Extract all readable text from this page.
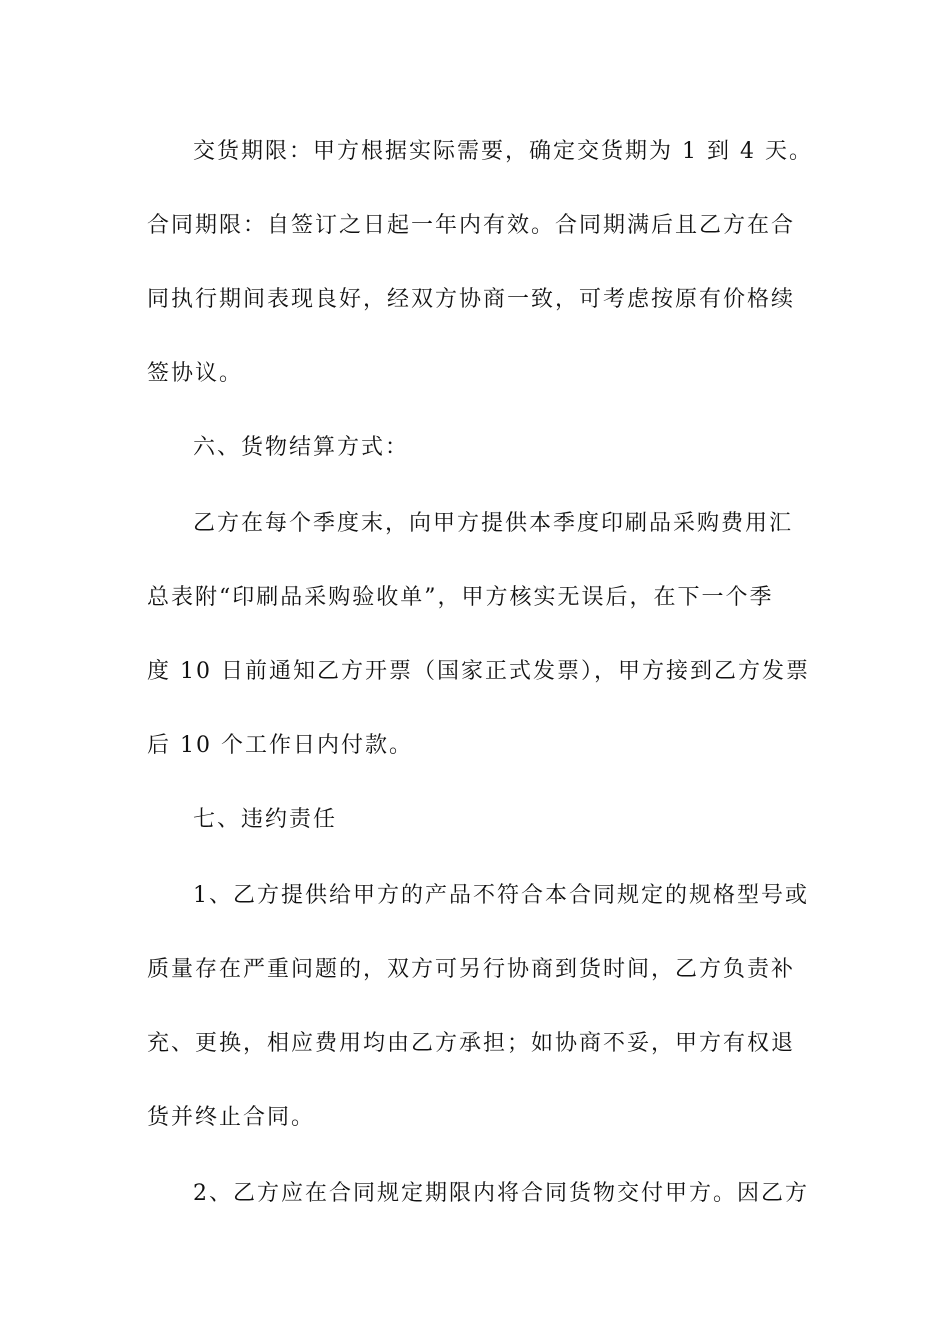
交货期限：甲方根据实际需要，确定交货期为 1 到 4 天。
合同期限：自签订之日起一年内有效。合同期满后且乙方在合
同执行期间表现良好，经双方协商一致，可考虑按原有价格续
签协议。
六、货物结算方式：
乙方在每个季度末，向甲方提供本季度印刷品采购费用汇
总表附“印刷品采购验收单”，甲方核实无误后，在下一个季
度 10 日前通知乙方开票（国家正式发票），甲方接到乙方发票
后 10 个工作日内付款。
七、违约责任
1、乙方提供给甲方的产品不符合本合同规定的规格型号或
质量存在严重问题的，双方可另行协商到货时间，乙方负责补
充、更换，相应费用均由乙方承担；如协商不妥，甲方有权退
货并终止合同。
2、乙方应在合同规定期限内将合同货物交付甲方。因乙方
